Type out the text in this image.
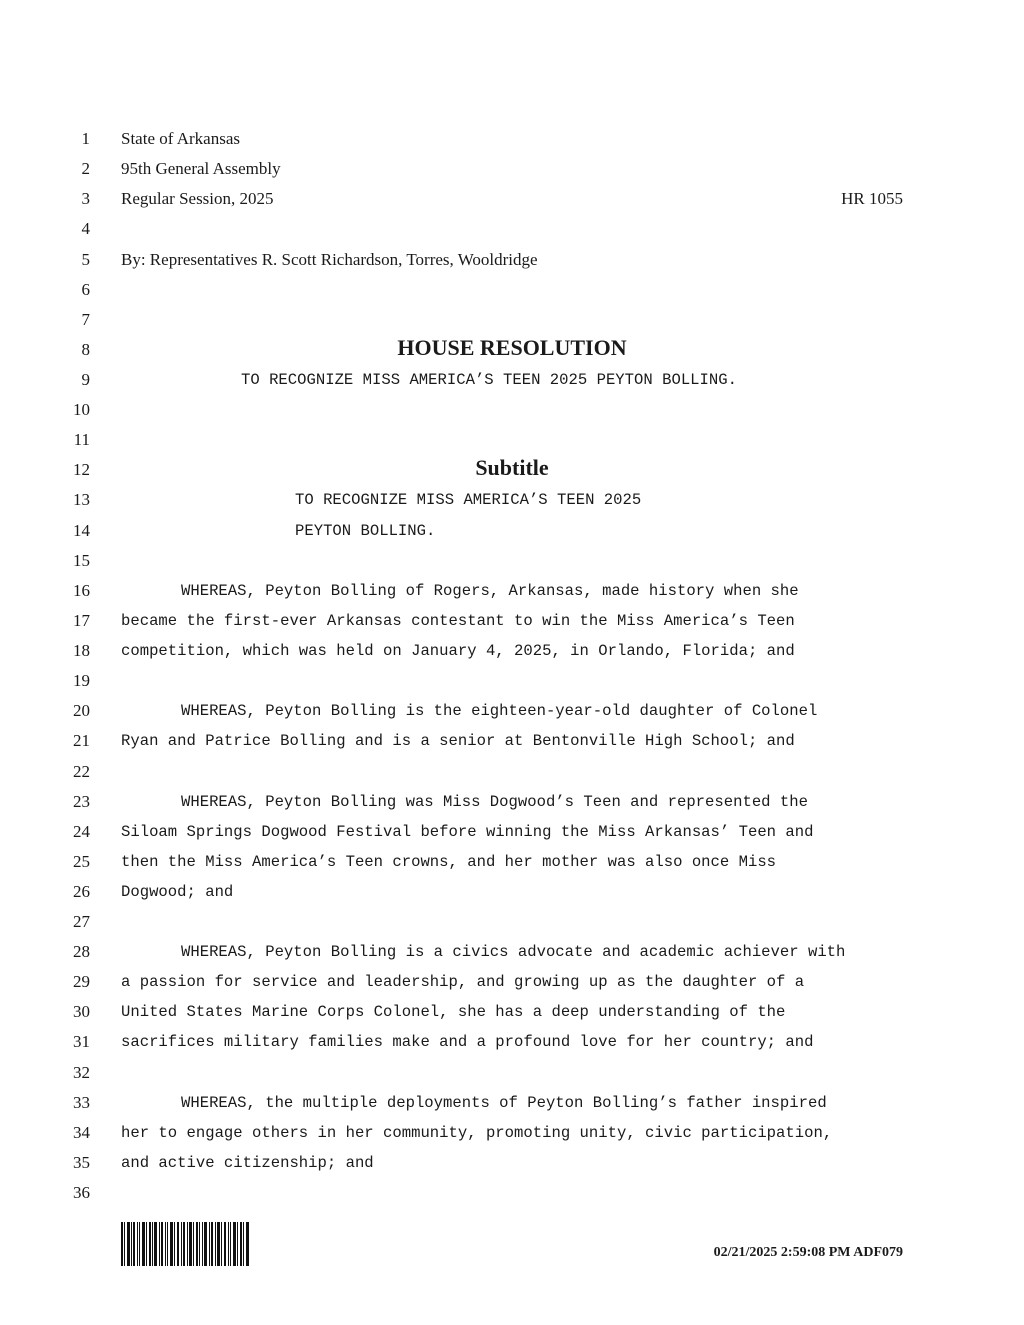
1
2
3
4
5
6
7
8
9
10
11
12
13
14
15
16
17
18
19
20
21
22
23
24
25
26
27
28
29
30
31
32
33
34
35
36
State of Arkansas
95th General Assembly
Regular Session, 2025	HR 1055
By: Representatives R. Scott Richardson, Torres, Wooldridge
HOUSE RESOLUTION
TO RECOGNIZE MISS AMERICA’S TEEN 2025 PEYTON BOLLING.
Subtitle
TO RECOGNIZE MISS AMERICA’S TEEN 2025
PEYTON BOLLING.
WHEREAS, Peyton Bolling of Rogers, Arkansas, made history when she
became the first-ever Arkansas contestant to win the Miss America’s Teen
competition, which was held on January 4, 2025, in Orlando, Florida; and
WHEREAS, Peyton Bolling is the eighteen-year-old daughter of Colonel
Ryan and Patrice Bolling and is a senior at Bentonville High School; and
WHEREAS, Peyton Bolling was Miss Dogwood’s Teen and represented the
Siloam Springs Dogwood Festival before winning the Miss Arkansas’ Teen and
then the Miss America’s Teen crowns, and her mother was also once Miss
Dogwood; and
WHEREAS, Peyton Bolling is a civics advocate and academic achiever with
a passion for service and leadership, and growing up as the daughter of a
United States Marine Corps Colonel, she has a deep understanding of the
sacrifices military families make and a profound love for her country; and
WHEREAS, the multiple deployments of Peyton Bolling’s father inspired
her to engage others in her community, promoting unity, civic participation,
and active citizenship; and
02/21/2025 2:59:08 PM ADF079
